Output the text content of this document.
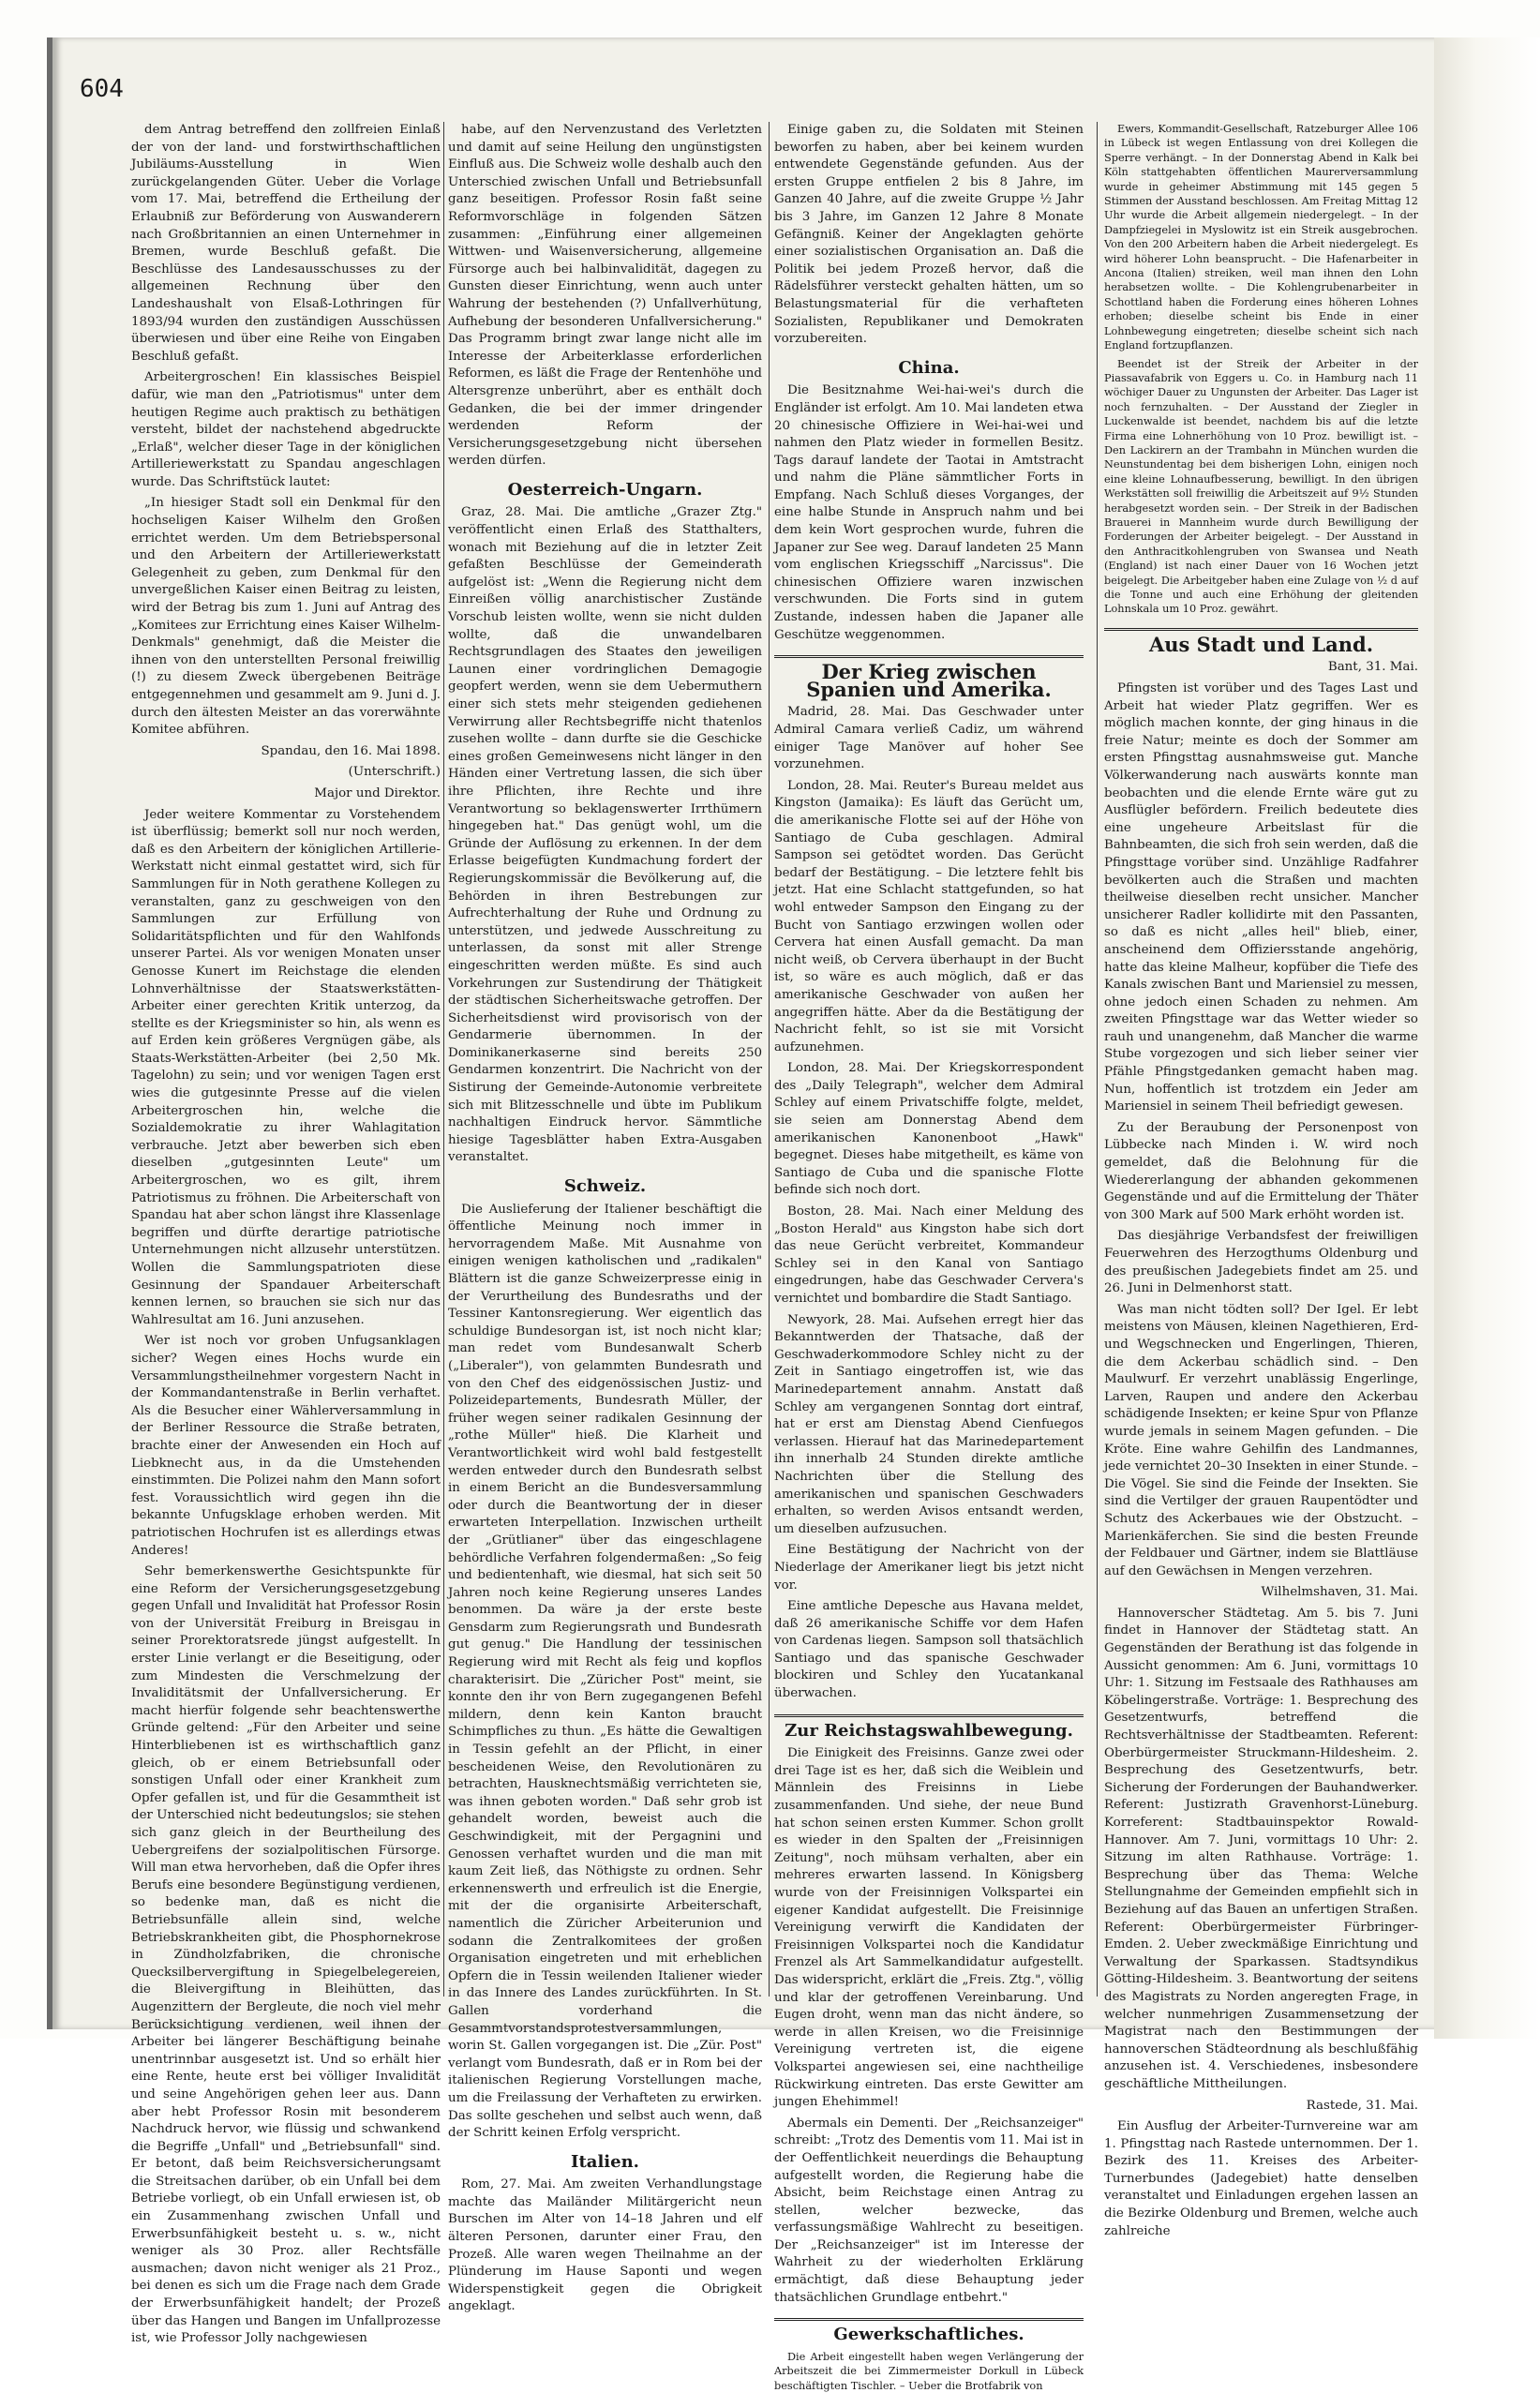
604

dem Antrag betreffend den zollfreien Einlaß der von der land- und forstwirthschaftlichen Jubiläums-Ausstellung in Wien zurückgelangenden Güter. Ueber die Vorlage vom 17. Mai, betreffend die Ertheilung der Erlaubniß zur Beförderung von Auswanderern nach Großbritannien an einen Unternehmer in Bremen, wurde Beschluß gefaßt. Die Beschlüsse des Landesausschusses zu der allgemeinen Rechnung über den Landeshaushalt von Elsaß-Lothringen für 1893/94 wurden den zuständigen Ausschüssen überwiesen und über eine Reihe von Eingaben Beschluß gefaßt.

Arbeitergroschen! Ein klassisches Beispiel dafür, wie man den „Patriotismus" unter dem heutigen Regime auch praktisch zu bethätigen versteht, bildet der nachstehend abgedruckte „Erlaß", welcher dieser Tage in der königlichen Artilleriewerkstatt zu Spandau angeschlagen wurde. Das Schriftstück lautet:

„In hiesiger Stadt soll ein Denkmal für den hochseligen Kaiser Wilhelm den Großen errichtet werden. Um dem Betriebspersonal und den Arbeitern der Artilleriewerkstatt Gelegenheit zu geben, zum Denkmal für den unvergeßlichen Kaiser einen Beitrag zu leisten, wird der Betrag bis zum 1. Juni auf Antrag des „Komitees zur Errichtung eines Kaiser Wilhelm-Denkmals" genehmigt, daß die Meister die ihnen von den unterstellten Personal freiwillig (!) zu diesem Zweck übergebenen Beiträge entgegennehmen und gesammelt am 9. Juni d. J. durch den ältesten Meister an das vorerwähnte Komitee abführen.

Spandau, den 16. Mai 1898.

(Unterschrift.)

Major und Direktor.

Jeder weitere Kommentar zu Vorstehendem ist überflüssig; bemerkt soll nur noch werden, daß es den Arbeitern der königlichen Artillerie-Werkstatt nicht einmal gestattet wird, sich für Sammlungen für in Noth gerathene Kollegen zu veranstalten, ganz zu geschweigen von den Sammlungen zur Erfüllung von Solidaritätspflichten und für den Wahlfonds unserer Partei. Als vor wenigen Monaten unser Genosse Kunert im Reichstage die elenden Lohnverhältnisse der Staatswerkstätten-Arbeiter einer gerechten Kritik unterzog, da stellte es der Kriegsminister so hin, als wenn es auf Erden kein größeres Vergnügen gäbe, als Staats-Werkstätten-Arbeiter (bei 2,50 Mk. Tagelohn) zu sein; und vor wenigen Tagen erst wies die gutgesinnte Presse auf die vielen Arbeitergroschen hin, welche die Sozialdemokratie zu ihrer Wahlagitation verbrauche. Jetzt aber bewerben sich eben dieselben „gutgesinnten Leute" um Arbeitergroschen, wo es gilt, ihrem Patriotismus zu fröhnen. Die Arbeiterschaft von Spandau hat aber schon längst ihre Klassenlage begriffen und dürfte derartige patriotische Unternehmungen nicht allzusehr unterstützen. Wollen die Sammlungspatrioten diese Gesinnung der Spandauer Arbeiterschaft kennen lernen, so brauchen sie sich nur das Wahlresultat am 16. Juni anzusehen.

Wer ist noch vor groben Unfugsanklagen sicher? Wegen eines Hochs wurde ein Versammlungstheilnehmer vorgestern Nacht in der Kommandantenstraße in Berlin verhaftet. Als die Besucher einer Wählerversammlung in der Berliner Ressource die Straße betraten, brachte einer der Anwesenden ein Hoch auf Liebknecht aus, in da die Umstehenden einstimmten. Die Polizei nahm den Mann sofort fest. Voraussichtlich wird gegen ihn die bekannte Unfugsklage erhoben werden. Mit patriotischen Hochrufen ist es allerdings etwas Anderes!

Sehr bemerkenswerthe Gesichtspunkte für eine Reform der Versicherungsgesetzgebung gegen Unfall und Invalidität hat Professor Rosin von der Universität Freiburg in Breisgau in seiner Prorektoratsrede jüngst aufgestellt. In erster Linie verlangt er die Beseitigung, oder zum Mindesten die Verschmelzung der Invaliditätsmit der Unfallversicherung. Er macht hierfür folgende sehr beachtenswerthe Gründe geltend: „Für den Arbeiter und seine Hinterbliebenen ist es wirthschaftlich ganz gleich, ob er einem Betriebsunfall oder sonstigen Unfall oder einer Krankheit zum Opfer gefallen ist, und für die Gesammtheit ist der Unterschied nicht bedeutungslos; sie stehen sich ganz gleich in der Beurtheilung des Uebergreifens der sozialpolitischen Fürsorge. Will man etwa hervorheben, daß die Opfer ihres Berufs eine besondere Begünstigung verdienen, so bedenke man, daß es nicht die Betriebsunfälle allein sind, welche Betriebskrankheiten gibt, die Phosphornekrose in Zündholzfabriken, die chronische Quecksilbervergiftung in Spiegelbelegereien, die Bleivergiftung in Bleihütten, das Augenzittern der Bergleute, die noch viel mehr Berücksichtigung verdienen, weil ihnen der Arbeiter bei längerer Beschäftigung beinahe unentrinnbar ausgesetzt ist. Und so erhält hier eine Rente, heute erst bei völliger Invalidität und seine Angehörigen gehen leer aus. Dann aber hebt Professor Rosin mit besonderem Nachdruck hervor, wie flüssig und schwankend die Begriffe „Unfall" und „Betriebsunfall" sind. Er betont, daß beim Reichsversicherungsamt die Streitsachen darüber, ob ein Unfall bei dem Betriebe vorliegt, ob ein Unfall erwiesen ist, ob ein Zusammenhang zwischen Unfall und Erwerbsunfähigkeit besteht u. s. w., nicht weniger als 30 Proz. aller Rechtsfälle ausmachen; davon nicht weniger als 21 Proz., bei denen es sich um die Frage nach dem Grade der Erwerbsunfähigkeit handelt; der Prozeß über das Hangen und Bangen im Unfallprozesse ist, wie Professor Jolly nachgewiesen

habe, auf den Nervenzustand des Verletzten und damit auf seine Heilung den ungünstigsten Einfluß aus. Die Schweiz wolle deshalb auch den Unterschied zwischen Unfall und Betriebsunfall ganz beseitigen. Professor Rosin faßt seine Reformvorschläge in folgenden Sätzen zusammen: „Einführung einer allgemeinen Wittwen- und Waisenversicherung, allgemeine Fürsorge auch bei halbinvalidität, dagegen zu Gunsten dieser Einrichtung, wenn auch unter Wahrung der bestehenden (?) Unfallverhütung, Aufhebung der besonderen Unfallversicherung." Das Programm bringt zwar lange nicht alle im Interesse der Arbeiterklasse erforderlichen Reformen, es läßt die Frage der Rentenhöhe und Altersgrenze unberührt, aber es enthält doch Gedanken, die bei der immer dringender werdenden Reform der Versicherungsgesetzgebung nicht übersehen werden dürfen.

Oesterreich-Ungarn.

Graz, 28. Mai. Die amtliche „Grazer Ztg." veröffentlicht einen Erlaß des Statthalters, wonach mit Beziehung auf die in letzter Zeit gefaßten Beschlüsse der Gemeinderath aufgelöst ist: „Wenn die Regierung nicht dem Einreißen völlig anarchistischer Zustände Vorschub leisten wollte, wenn sie nicht dulden wollte, daß die unwandelbaren Rechtsgrundlagen des Staates den jeweiligen Launen einer vordringlichen Demagogie geopfert werden, wenn sie dem Uebermuthern einer sich stets mehr steigenden gediehenen Verwirrung aller Rechtsbegriffe nicht thatenlos zusehen wollte – dann durfte sie die Geschicke eines großen Gemeinwesens nicht länger in den Händen einer Vertretung lassen, die sich über ihre Pflichten, ihre Rechte und ihre Verantwortung so beklagenswerter Irrthümern hingegeben hat." Das genügt wohl, um die Gründe der Auflösung zu erkennen. In der dem Erlasse beigefügten Kundmachung fordert der Regierungskommissär die Bevölkerung auf, die Behörden in ihren Bestrebungen zur Aufrechterhaltung der Ruhe und Ordnung zu unterstützen, und jedwede Ausschreitung zu unterlassen, da sonst mit aller Strenge eingeschritten werden müßte. Es sind auch Vorkehrungen zur Sustendirung der Thätigkeit der städtischen Sicherheitswache getroffen. Der Sicherheitsdienst wird provisorisch von der Gendarmerie übernommen. In der Dominikanerkaserne sind bereits 250 Gendarmen konzentrirt. Die Nachricht von der Sistirung der Gemeinde-Autonomie verbreitete sich mit Blitzesschnelle und übte im Publikum nachhaltigen Eindruck hervor. Sämmtliche hiesige Tagesblätter haben Extra-Ausgaben veranstaltet.

Schweiz.

Die Auslieferung der Italiener beschäftigt die öffentliche Meinung noch immer in hervorragendem Maße. Mit Ausnahme von einigen wenigen katholischen und „radikalen" Blättern ist die ganze Schweizerpresse einig in der Verurtheilung des Bundesraths und der Tessiner Kantonsregierung. Wer eigentlich das schuldige Bundesorgan ist, ist noch nicht klar; man redet vom Bundesanwalt Scherb („Liberaler"), von gelammten Bundesrath und von den Chef des eidgenössischen Justiz- und Polizeidepartements, Bundesrath Müller, der früher wegen seiner radikalen Gesinnung der „rothe Müller" hieß. Die Klarheit und Verantwortlichkeit wird wohl bald festgestellt werden entweder durch den Bundesrath selbst in einem Bericht an die Bundesversammlung oder durch die Beantwortung der in dieser erwarteten Interpellation. Inzwischen urtheilt der „Grütlianer" über das eingeschlagene behördliche Verfahren folgendermaßen: „So feig und bedientenhaft, wie diesmal, hat sich seit 50 Jahren noch keine Regierung unseres Landes benommen. Da wäre ja der erste beste Gensdarm zum Regierungsrath und Bundesrath gut genug." Die Handlung der tessinischen Regierung wird mit Recht als feig und kopflos charakterisirt. Die „Züricher Post" meint, sie konnte den ihr von Bern zugegangenen Befehl mildern, denn kein Kanton braucht Schimpfliches zu thun. „Es hätte die Gewaltigen in Tessin gefehlt an der Pflicht, in einer bescheidenen Weise, den Revolutionären zu betrachten, Hausknechtsmäßig verrichteten sie, was ihnen geboten worden." Daß sehr grob ist gehandelt worden, beweist auch die Geschwindigkeit, mit der Pergagnini und Genossen verhaftet wurden und die man mit kaum Zeit ließ, das Nöthigste zu ordnen. Sehr erkennenswerth und erfreulich ist die Energie, mit der die organisirte Arbeiterschaft, namentlich die Züricher Arbeiterunion und sodann die Zentralkomitees der großen Organisation eingetreten und mit erheblichen Opfern die in Tessin weilenden Italiener wieder in das Innere des Landes zurückführten. In St. Gallen vorderhand die Gesammtvorstandsprotestversammlungen, worin St. Gallen vorgegangen ist. Die „Zür. Post" verlangt vom Bundesrath, daß er in Rom bei der italienischen Regierung Vorstellungen mache, um die Freilassung der Verhafteten zu erwirken. Das sollte geschehen und selbst auch wenn, daß der Schritt keinen Erfolg verspricht.

Italien.

Rom, 27. Mai. Am zweiten Verhandlungstage machte das Mailänder Militärgericht neun Burschen im Alter von 14–18 Jahren und elf älteren Personen, darunter einer Frau, den Prozeß. Alle waren wegen Theilnahme an der Plünderung im Hause Saponti und wegen Widerspenstigkeit gegen die Obrigkeit angeklagt.

Einige gaben zu, die Soldaten mit Steinen beworfen zu haben, aber bei keinem wurden entwendete Gegenstände gefunden. Aus der ersten Gruppe entfielen 2 bis 8 Jahre, im Ganzen 40 Jahre, auf die zweite Gruppe ½ Jahr bis 3 Jahre, im Ganzen 12 Jahre 8 Monate Gefängniß. Keiner der Angeklagten gehörte einer sozialistischen Organisation an. Daß die Politik bei jedem Prozeß hervor, daß die Rädelsführer versteckt gehalten hätten, um so Belastungsmaterial für die verhafteten Sozialisten, Republikaner und Demokraten vorzubereiten.

China.

Die Besitznahme Wei-hai-wei's durch die Engländer ist erfolgt. Am 10. Mai landeten etwa 20 chinesische Offiziere in Wei-hai-wei und nahmen den Platz wieder in formellen Besitz. Tags darauf landete der Taotai in Amtstracht und nahm die Pläne sämmtlicher Forts in Empfang. Nach Schluß dieses Vorganges, der eine halbe Stunde in Anspruch nahm und bei dem kein Wort gesprochen wurde, fuhren die Japaner zur See weg. Darauf landeten 25 Mann vom englischen Kriegsschiff „Narcissus". Die chinesischen Offiziere waren inzwischen verschwunden. Die Forts sind in gutem Zustande, indessen haben die Japaner alle Geschütze weggenommen.

Der Krieg zwischen Spanien und Amerika.

Madrid, 28. Mai. Das Geschwader unter Admiral Camara verließ Cadiz, um während einiger Tage Manöver auf hoher See vorzunehmen.

London, 28. Mai. Reuter's Bureau meldet aus Kingston (Jamaika): Es läuft das Gerücht um, die amerikanische Flotte sei auf der Höhe von Santiago de Cuba geschlagen. Admiral Sampson sei getödtet worden. Das Gerücht bedarf der Bestätigung. – Die letztere fehlt bis jetzt. Hat eine Schlacht stattgefunden, so hat wohl entweder Sampson den Eingang zu der Bucht von Santiago erzwingen wollen oder Cervera hat einen Ausfall gemacht. Da man nicht weiß, ob Cervera überhaupt in der Bucht ist, so wäre es auch möglich, daß er das amerikanische Geschwader von außen her angegriffen hätte. Aber da die Bestätigung der Nachricht fehlt, so ist sie mit Vorsicht aufzunehmen.

London, 28. Mai. Der Kriegskorrespondent des „Daily Telegraph", welcher dem Admiral Schley auf einem Privatschiffe folgte, meldet, sie seien am Donnerstag Abend dem amerikanischen Kanonenboot „Hawk" begegnet. Dieses habe mitgetheilt, es käme von Santiago de Cuba und die spanische Flotte befinde sich noch dort.

Boston, 28. Mai. Nach einer Meldung des „Boston Herald" aus Kingston habe sich dort das neue Gerücht verbreitet, Kommandeur Schley sei in den Kanal von Santiago eingedrungen, habe das Geschwader Cervera's vernichtet und bombardire die Stadt Santiago.

Newyork, 28. Mai. Aufsehen erregt hier das Bekanntwerden der Thatsache, daß der Geschwaderkommodore Schley nicht zu der Zeit in Santiago eingetroffen ist, wie das Marinedepartement annahm. Anstatt daß Schley am vergangenen Sonntag dort eintraf, hat er erst am Dienstag Abend Cienfuegos verlassen. Hierauf hat das Marinedepartement ihn innerhalb 24 Stunden direkte amtliche Nachrichten über die Stellung des amerikanischen und spanischen Geschwaders erhalten, so werden Avisos entsandt werden, um dieselben aufzusuchen.

Eine Bestätigung der Nachricht von der Niederlage der Amerikaner liegt bis jetzt nicht vor.

Eine amtliche Depesche aus Havana meldet, daß 26 amerikanische Schiffe vor dem Hafen von Cardenas liegen. Sampson soll thatsächlich Santiago und das spanische Geschwader blockiren und Schley den Yucatankanal überwachen.

Zur Reichstagswahlbewegung.

Die Einigkeit des Freisinns. Ganze zwei oder drei Tage ist es her, daß sich die Weiblein und Männlein des Freisinns in Liebe zusammenfanden. Und siehe, der neue Bund hat schon seinen ersten Kummer. Schon grollt es wieder in den Spalten der „Freisinnigen Zeitung", noch mühsam verhalten, aber ein mehreres erwarten lassend. In Königsberg wurde von der Freisinnigen Volkspartei ein eigener Kandidat aufgestellt. Die Freisinnige Vereinigung verwirft die Kandidaten der Freisinnigen Volkspartei noch die Kandidatur Frenzel als Art Sammelkandidatur aufgestellt. Das widerspricht, erklärt die „Freis. Ztg.", völlig und klar der getroffenen Vereinbarung. Und Eugen droht, wenn man das nicht ändere, so werde in allen Kreisen, wo die Freisinnige Vereinigung vertreten ist, die eigene Volkspartei angewiesen sei, eine nachtheilige Rückwirkung eintreten. Das erste Gewitter am jungen Ehehimmel!

Abermals ein Dementi. Der „Reichsanzeiger" schreibt: „Trotz des Dementis vom 11. Mai ist in der Oeffentlichkeit neuerdings die Behauptung aufgestellt worden, die Regierung habe die Absicht, beim Reichstage einen Antrag zu stellen, welcher bezwecke, das verfassungsmäßige Wahlrecht zu beseitigen. Der „Reichsanzeiger" ist im Interesse der Wahrheit zu der wiederholten Erklärung ermächtigt, daß diese Behauptung jeder thatsächlichen Grundlage entbehrt."

Gewerkschaftliches.

Die Arbeit eingestellt haben wegen Verlängerung der Arbeitszeit die bei Zimmermeister Dorkull in Lübeck beschäftigten Tischler. – Ueber die Brotfabrik von

Ewers, Kommandit-Gesellschaft, Ratzeburger Allee 106 in Lübeck ist wegen Entlassung von drei Kollegen die Sperre verhängt. – In der Donnerstag Abend in Kalk bei Köln stattgehabten öffentlichen Maurerversammlung wurde in geheimer Abstimmung mit 145 gegen 5 Stimmen der Ausstand beschlossen. Am Freitag Mittag 12 Uhr wurde die Arbeit allgemein niedergelegt. – In der Dampfziegelei in Myslowitz ist ein Streik ausgebrochen. Von den 200 Arbeitern haben die Arbeit niedergelegt. Es wird höherer Lohn beansprucht. – Die Hafenarbeiter in Ancona (Italien) streiken, weil man ihnen den Lohn herabsetzen wollte. – Die Kohlengrubenarbeiter in Schottland haben die Forderung eines höheren Lohnes erhoben; dieselbe scheint bis Ende in einer Lohnbewegung eingetreten; dieselbe scheint sich nach England fortzupflanzen.

Beendet ist der Streik der Arbeiter in der Piassavafabrik von Eggers u. Co. in Hamburg nach 11 wöchiger Dauer zu Ungunsten der Arbeiter. Das Lager ist noch fernzuhalten. – Der Ausstand der Ziegler in Luckenwalde ist beendet, nachdem bis auf die letzte Firma eine Lohnerhöhung von 10 Proz. bewilligt ist. – Den Lackirern an der Trambahn in München wurden die Neunstundentag bei dem bisherigen Lohn, einigen noch eine kleine Lohnaufbesserung, bewilligt. In den übrigen Werkstätten soll freiwillig die Arbeitszeit auf 9½ Stunden herabgesetzt worden sein. – Der Streik in der Badischen Brauerei in Mannheim wurde durch Bewilligung der Forderungen der Arbeiter beigelegt. – Der Ausstand in den Anthracitkohlengruben von Swansea und Neath (England) ist nach einer Dauer von 16 Wochen jetzt beigelegt. Die Arbeitgeber haben eine Zulage von ½ d auf die Tonne und auch eine Erhöhung der gleitenden Lohnskala um 10 Proz. gewährt.

Aus Stadt und Land.

Bant, 31. Mai.

Pfingsten ist vorüber und des Tages Last und Arbeit hat wieder Platz gegriffen. Wer es möglich machen konnte, der ging hinaus in die freie Natur; meinte es doch der Sommer am ersten Pfingsttag ausnahmsweise gut. Manche Völkerwanderung nach auswärts konnte man beobachten und die elende Ernte wäre gut zu Ausflügler befördern. Freilich bedeutete dies eine ungeheure Arbeitslast für die Bahnbeamten, die sich froh sein werden, daß die Pfingsttage vorüber sind. Unzählige Radfahrer bevölkerten auch die Straßen und machten theilweise dieselben recht unsicher. Mancher unsicherer Radler kollidirte mit den Passanten, so daß es nicht „alles heil" blieb, einer, anscheinend dem Offiziersstande angehörig, hatte das kleine Malheur, kopfüber die Tiefe des Kanals zwischen Bant und Mariensiel zu messen, ohne jedoch einen Schaden zu nehmen. Am zweiten Pfingsttage war das Wetter wieder so rauh und unangenehm, daß Mancher die warme Stube vorgezogen und sich lieber seiner vier Pfähle Pfingstgedanken gemacht haben mag. Nun, hoffentlich ist trotzdem ein Jeder am Mariensiel in seinem Theil befriedigt gewesen.

Zu der Beraubung der Personenpost von Lübbecke nach Minden i. W. wird noch gemeldet, daß die Belohnung für die Wiedererlangung der abhanden gekommenen Gegenstände und auf die Ermittelung der Thäter von 300 Mark auf 500 Mark erhöht worden ist.

Das diesjährige Verbandsfest der freiwilligen Feuerwehren des Herzogthums Oldenburg und des preußischen Jadegebiets findet am 25. und 26. Juni in Delmenhorst statt.

Was man nicht tödten soll? Der Igel. Er lebt meistens von Mäusen, kleinen Nagethieren, Erd- und Wegschnecken und Engerlingen, Thieren, die dem Ackerbau schädlich sind. – Den Maulwurf. Er verzehrt unablässig Engerlinge, Larven, Raupen und andere den Ackerbau schädigende Insekten; er keine Spur von Pflanze wurde jemals in seinem Magen gefunden. – Die Kröte. Eine wahre Gehilfin des Landmannes, jede vernichtet 20–30 Insekten in einer Stunde. – Die Vögel. Sie sind die Feinde der Insekten. Sie sind die Vertilger der grauen Raupentödter und Schutz des Ackerbaues wie der Obstzucht. – Marienkäferchen. Sie sind die besten Freunde der Feldbauer und Gärtner, indem sie Blattläuse auf den Gewächsen in Mengen verzehren.

Wilhelmshaven, 31. Mai.

Hannoverscher Städtetag. Am 5. bis 7. Juni findet in Hannover der Städtetag statt. An Gegenständen der Berathung ist das folgende in Aussicht genommen: Am 6. Juni, vormittags 10 Uhr: 1. Sitzung im Festsaale des Rathhauses am Köbelingerstraße. Vorträge: 1. Besprechung des Gesetzentwurfs, betreffend die Rechtsverhältnisse der Stadtbeamten. Referent: Oberbürgermeister Struckmann-Hildesheim. 2. Besprechung des Gesetzentwurfs, betr. Sicherung der Forderungen der Bauhandwerker. Referent: Justizrath Gravenhorst-Lüneburg. Korreferent: Stadtbauinspektor Rowald-Hannover. Am 7. Juni, vormittags 10 Uhr: 2. Sitzung im alten Rathhause. Vorträge: 1. Besprechung über das Thema: Welche Stellungnahme der Gemeinden empfiehlt sich in Beziehung auf das Bauen an unfertigen Straßen. Referent: Oberbürgermeister Fürbringer-Emden. 2. Ueber zweckmäßige Einrichtung und Verwaltung der Sparkassen. Stadtsyndikus Götting-Hildesheim. 3. Beantwortung der seitens des Magistrats zu Norden angeregten Frage, in welcher nunmehrigen Zusammensetzung der Magistrat nach den Bestimmungen der hannoverschen Städteordnung als beschlußfähig anzusehen ist. 4. Verschiedenes, insbesondere geschäftliche Mittheilungen.

Rastede, 31. Mai.

Ein Ausflug der Arbeiter-Turnvereine war am 1. Pfingsttag nach Rastede unternommen. Der 1. Bezirk des 11. Kreises des Arbeiter-Turnerbundes (Jadegebiet) hatte denselben veranstaltet und Einladungen ergehen lassen an die Bezirke Oldenburg und Bremen, welche auch zahlreiche
